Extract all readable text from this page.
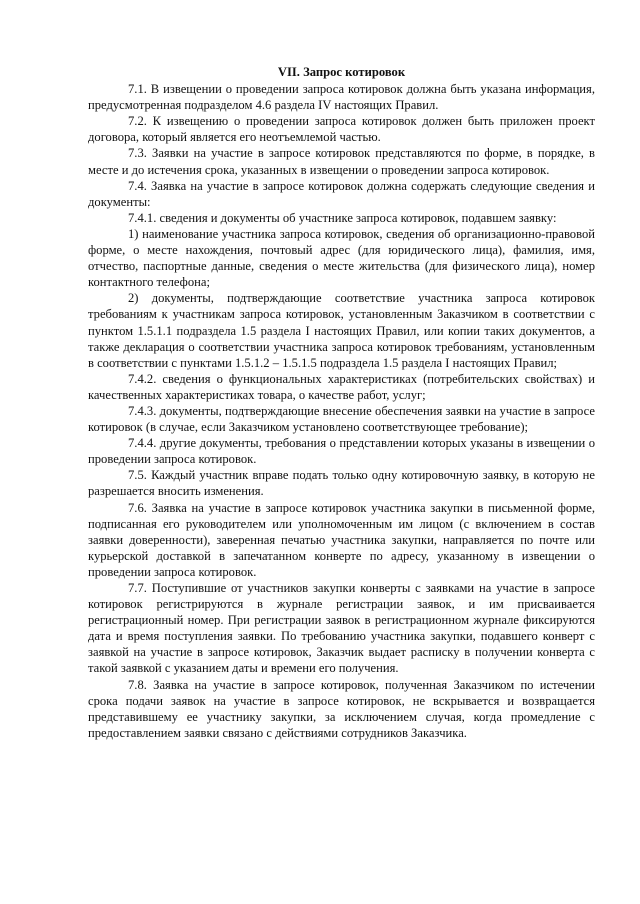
VII. Запрос котировок

7.1. В извещении о проведении запроса котировок должна быть указана информация, предусмотренная подразделом 4.6 раздела IV настоящих Правил.

7.2. К извещению о проведении запроса котировок должен быть приложен проект договора, который является его неотъемлемой частью.

7.3. Заявки на участие в запросе котировок представляются по форме, в порядке, в месте и до истечения срока, указанных в извещении о проведении запроса котировок.

7.4. Заявка на участие в запросе котировок должна содержать следующие сведения и документы:

7.4.1. сведения и документы об участнике запроса котировок, подавшем заявку:

1) наименование участника запроса котировок, сведения об организационно-правовой форме, о месте нахождения, почтовый адрес (для юридического лица), фамилия, имя, отчество, паспортные данные, сведения о месте жительства (для физического лица), номер контактного телефона;

2) документы, подтверждающие соответствие участника запроса котировок требованиям к участникам запроса котировок, установленным Заказчиком в соответствии с пунктом 1.5.1.1 подраздела 1.5 раздела I настоящих Правил, или копии таких документов, а также декларация о соответствии участника запроса котировок требованиям, установленным в соответствии с пунктами 1.5.1.2 – 1.5.1.5 подраздела 1.5 раздела I настоящих Правил;

7.4.2. сведения о функциональных характеристиках (потребительских свойствах) и качественных характеристиках товара, о качестве работ, услуг;

7.4.3. документы, подтверждающие внесение обеспечения заявки на участие в запросе котировок (в случае, если Заказчиком установлено соответствующее требование);

7.4.4. другие документы, требования о представлении которых указаны в извещении о проведении запроса котировок.

7.5. Каждый участник вправе подать только одну котировочную заявку, в которую не разрешается вносить изменения.

7.6. Заявка на участие в запросе котировок участника закупки в письменной форме, подписанная его руководителем или уполномоченным им лицом (с включением в состав заявки доверенности), заверенная печатью участника закупки, направляется по почте или курьерской доставкой в запечатанном конверте по адресу, указанному в извещении о проведении запроса котировок.

7.7. Поступившие от участников закупки конверты с заявками на участие в запросе котировок регистрируются в журнале регистрации заявок, и им присваивается регистрационный номер. При регистрации заявок в регистрационном журнале фиксируются дата и время поступления заявки. По требованию участника закупки, подавшего конверт с заявкой на участие в запросе котировок, Заказчик выдает расписку в получении конверта с такой заявкой с указанием даты и времени его получения.

7.8. Заявка на участие в запросе котировок, полученная Заказчиком по истечении срока подачи заявок на участие в запросе котировок, не вскрывается и возвращается представившему ее участнику закупки, за исключением случая, когда промедление с предоставлением заявки связано с действиями сотрудников Заказчика.
